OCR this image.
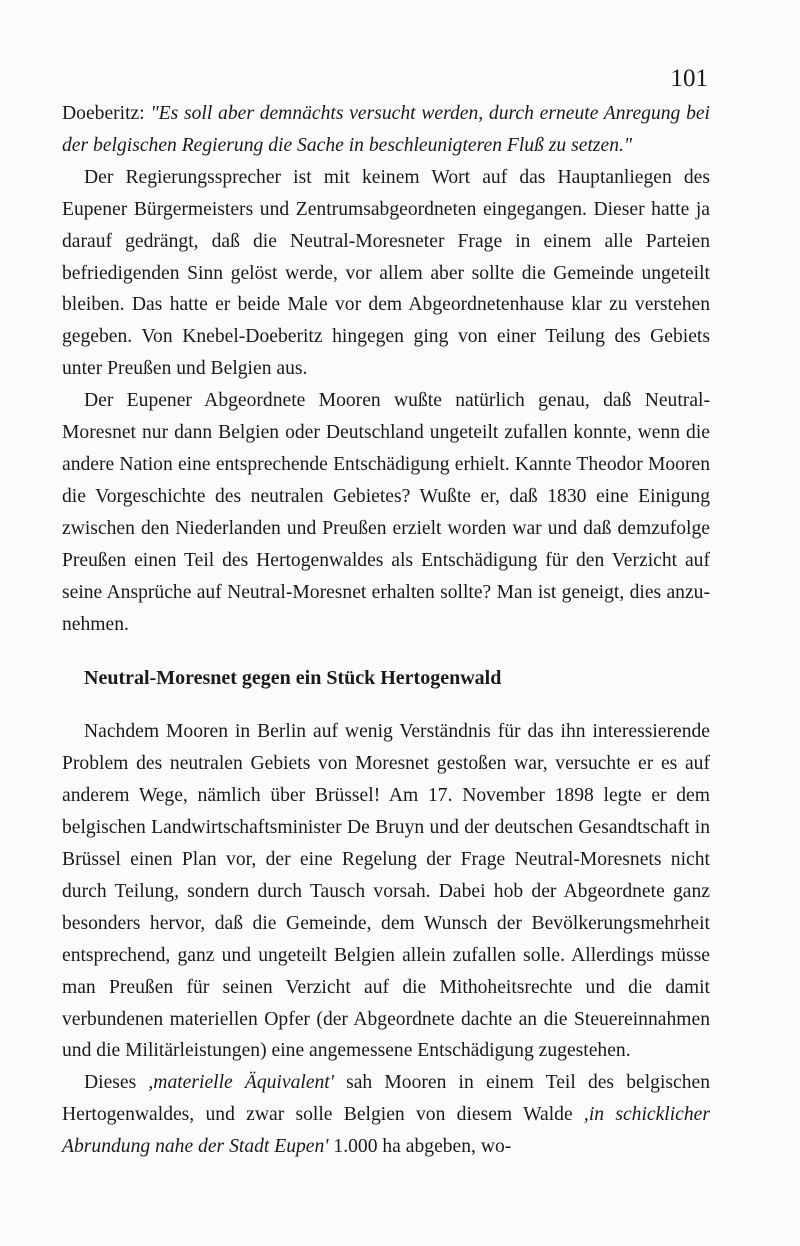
101

Doeberitz: "Es soll aber demnächts versucht werden, durch erneute Anregung bei der belgischen Regierung die Sache in beschleunigteren Fluß zu setzen."

Der Regierungssprecher ist mit keinem Wort auf das Hauptanliegen des Eupener Bürgermeisters und Zentrumsabgeordneten eingegangen. Dieser hatte ja darauf gedrängt, daß die Neutral-Moresneter Frage in einem alle Parteien befriedigenden Sinn gelöst werde, vor allem aber sollte die Gemeinde ungeteilt bleiben. Das hatte er beide Male vor dem Abgeordnetenhause klar zu verstehen gegeben. Von Knebel-Doeberitz hingegen ging von einer Teilung des Gebiets unter Preußen und Belgien aus.

Der Eupener Abgeordnete Mooren wußte natürlich genau, daß Neutral-Moresnet nur dann Belgien oder Deutschland ungeteilt zufallen konnte, wenn die andere Nation eine entsprechende Entschädigung erhielt. Kannte Theodor Mooren die Vorgeschichte des neutralen Gebietes? Wußte er, daß 1830 eine Einigung zwischen den Niederlanden und Preußen erzielt worden war und daß demzufolge Preußen einen Teil des Hertogenwaldes als Entschädigung für den Verzicht auf seine Ansprüche auf Neutral-Moresnet erhalten sollte? Man ist geneigt, dies anzunehmen.

Neutral-Moresnet gegen ein Stück Hertogenwald

Nachdem Mooren in Berlin auf wenig Verständnis für das ihn interessierende Problem des neutralen Gebiets von Moresnet gestoßen war, versuchte er es auf anderem Wege, nämlich über Brüssel! Am 17. November 1898 legte er dem belgischen Landwirtschaftsminister De Bruyn und der deutschen Gesandtschaft in Brüssel einen Plan vor, der eine Regelung der Frage Neutral-Moresnets nicht durch Teilung, sondern durch Tausch vorsah. Dabei hob der Abgeordnete ganz besonders hervor, daß die Gemeinde, dem Wunsch der Bevölkerungsmehrheit entsprechend, ganz und ungeteilt Belgien allein zufallen solle. Allerdings müsse man Preußen für seinen Verzicht auf die Mithoheitsrechte und die damit verbundenen materiellen Opfer (der Abgeordnete dachte an die Steuereinnahmen und die Militärleistungen) eine angemessene Entschädigung zugestehen.

Dieses ,materielle Äquivalent' sah Mooren in einem Teil des belgischen Hertogenwaldes, und zwar solle Belgien von diesem Walde ,in schicklicher Abrundung nahe der Stadt Eupen' 1.000 ha abgeben, wo-
